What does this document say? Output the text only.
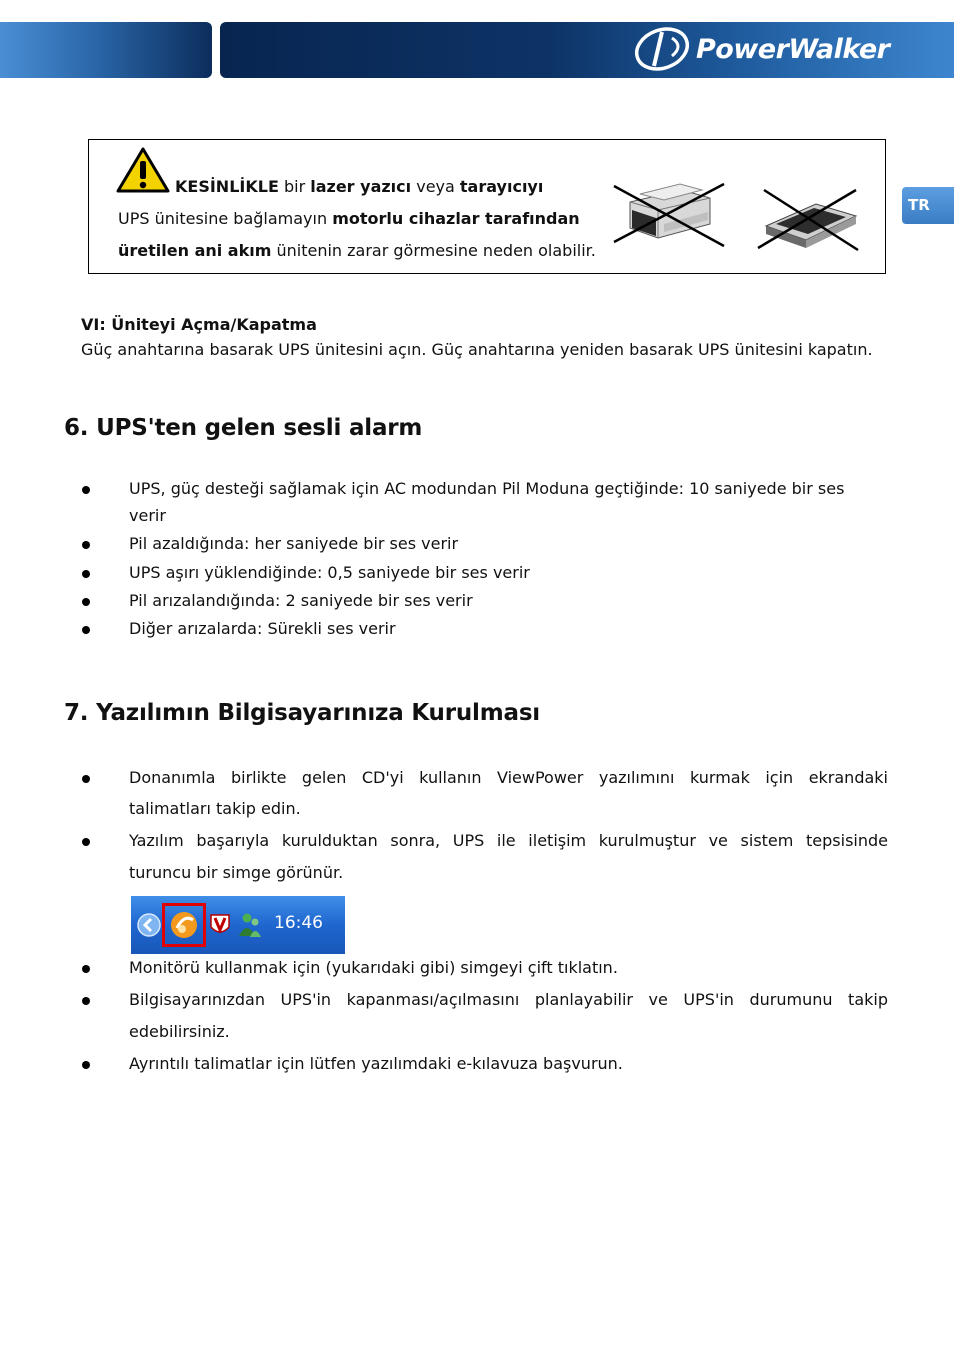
PowerWalker
TR
KESİNLİKLE bir lazer yazıcı veya tarayıcıyı
UPS ünitesine bağlamayın motorlu cihazlar tarafından
üretilen ani akım ünitenin zarar görmesine neden olabilir.
VI: Üniteyi Açma/Kapatma
Güç anahtarına basarak UPS ünitesini açın. Güç anahtarına yeniden basarak UPS ünitesini kapatın.
6. UPS'ten gelen sesli alarm
UPS, güç desteği sağlamak için AC modundan Pil Moduna geçtiğinde: 10 saniyede bir ses
verir
Pil azaldığında: her saniyede bir ses verir
UPS aşırı yüklendiğinde: 0,5 saniyede bir ses verir
Pil arızalandığında: 2 saniyede bir ses verir
Diğer arızalarda: Sürekli ses verir
7. Yazılımın Bilgisayarınıza Kurulması
Donanımla birlikte gelen CD'yi kullanın ViewPower yazılımını kurmak için ekrandaki
talimatları takip edin.
Yazılım başarıyla kurulduktan sonra, UPS ile iletişim kurulmuştur ve sistem tepsisinde
turuncu bir simge görünür.
16:46
Monitörü kullanmak için (yukarıdaki gibi) simgeyi çift tıklatın.
Bilgisayarınızdan UPS'in kapanması/açılmasını planlayabilir ve UPS'in durumunu takip
edebilirsiniz.
Ayrıntılı talimatlar için lütfen yazılımdaki e-kılavuza başvurun.
